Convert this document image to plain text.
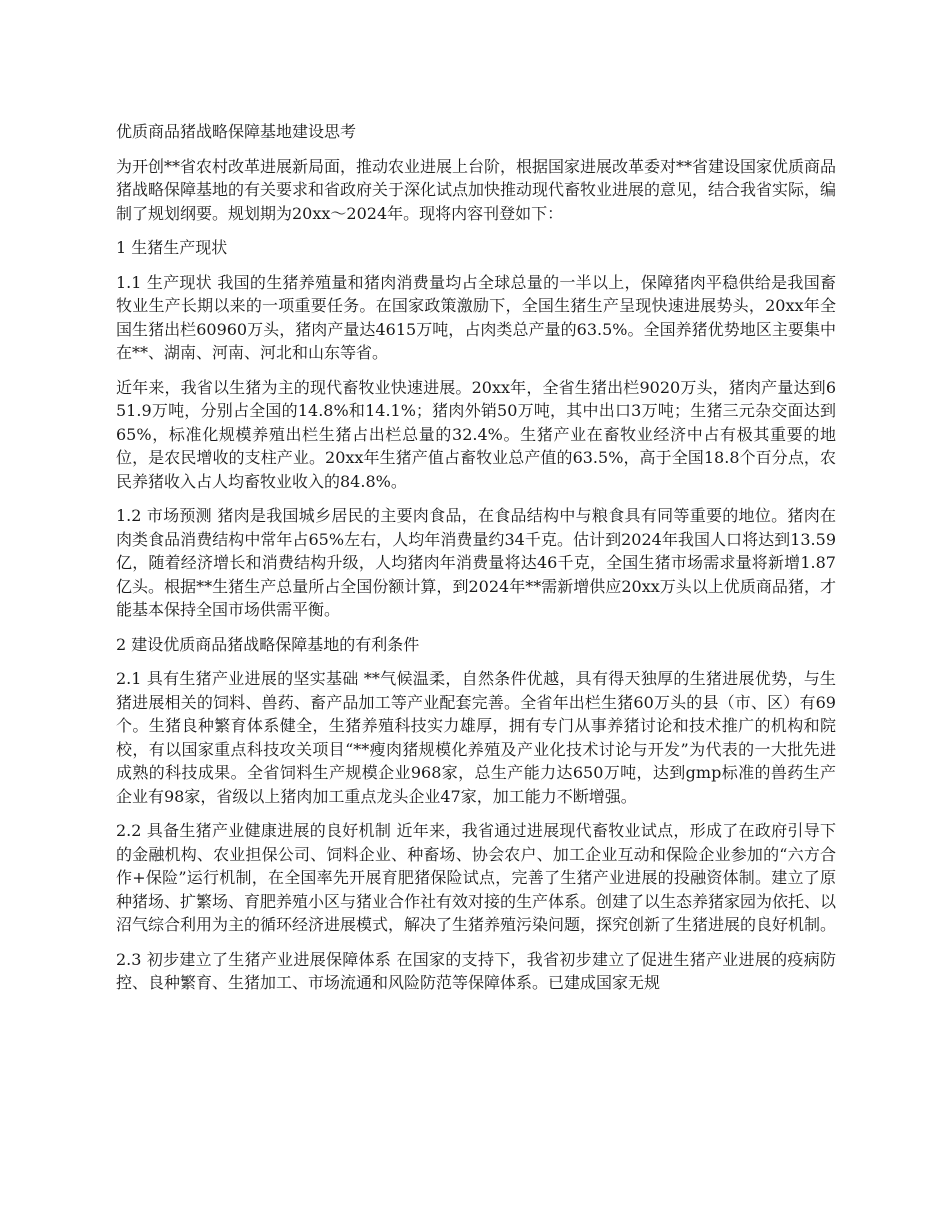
优质商品猪战略保障基地建设思考

为开创**省农村改革进展新局面，推动农业进展上台阶，根据国家进展改革委对**省建设国家优质商品猪战略保障基地的有关要求和省政府关于深化试点加快推动现代畜牧业进展的意见，结合我省实际，编制了规划纲要。规划期为20xx～2024年。现将内容刊登如下：

1 生猪生产现状

1.1 生产现状 我国的生猪养殖量和猪肉消费量均占全球总量的一半以上，保障猪肉平稳供给是我国畜牧业生产长期以来的一项重要任务。在国家政策激励下，全国生猪生产呈现快速进展势头，20xx年全国生猪出栏60960万头，猪肉产量达4615万吨，占肉类总产量的63.5%。全国养猪优势地区主要集中在**、湖南、河南、河北和山东等省。

近年来，我省以生猪为主的现代畜牧业快速进展。20xx年，全省生猪出栏9020万头，猪肉产量达到651.9万吨，分别占全国的14.8%和14.1%；猪肉外销50万吨，其中出口3万吨；生猪三元杂交面达到65%，标准化规模养殖出栏生猪占出栏总量的32.4%。生猪产业在畜牧业经济中占有极其重要的地位，是农民增收的支柱产业。20xx年生猪产值占畜牧业总产值的63.5%，高于全国18.8个百分点，农民养猪收入占人均畜牧业收入的84.8%。

1.2 市场预测 猪肉是我国城乡居民的主要肉食品，在食品结构中与粮食具有同等重要的地位。猪肉在肉类食品消费结构中常年占65%左右，人均年消费量约34千克。估计到2024年我国人口将达到13.59亿，随着经济增长和消费结构升级，人均猪肉年消费量将达46千克，全国生猪市场需求量将新增1.87亿头。根据**生猪生产总量所占全国份额计算，到2024年**需新增供应20xx万头以上优质商品猪，才能基本保持全国市场供需平衡。

2 建设优质商品猪战略保障基地的有利条件

2.1 具有生猪产业进展的坚实基础 **气候温柔，自然条件优越，具有得天独厚的生猪进展优势，与生猪进展相关的饲料、兽药、畜产品加工等产业配套完善。全省年出栏生猪60万头的县（市、区）有69个。生猪良种繁育体系健全，生猪养殖科技实力雄厚，拥有专门从事养猪讨论和技术推广的机构和院校，有以国家重点科技攻关项目“**瘦肉猪规模化养殖及产业化技术讨论与开发”为代表的一大批先进成熟的科技成果。全省饲料生产规模企业968家，总生产能力达650万吨，达到gmp标准的兽药生产企业有98家，省级以上猪肉加工重点龙头企业47家，加工能力不断增强。

2.2 具备生猪产业健康进展的良好机制 近年来，我省通过进展现代畜牧业试点，形成了在政府引导下的金融机构、农业担保公司、饲料企业、种畜场、协会农户、加工企业互动和保险企业参加的“六方合作+保险”运行机制，在全国率先开展育肥猪保险试点，完善了生猪产业进展的投融资体制。建立了原种猪场、扩繁场、育肥养殖小区与猪业合作社有效对接的生产体系。创建了以生态养猪家园为依托、以沼气综合利用为主的循环经济进展模式，解决了生猪养殖污染问题，探究创新了生猪进展的良好机制。

2.3 初步建立了生猪产业进展保障体系 在国家的支持下，我省初步建立了促进生猪产业进展的疫病防控、良种繁育、生猪加工、市场流通和风险防范等保障体系。已建成国家无规
